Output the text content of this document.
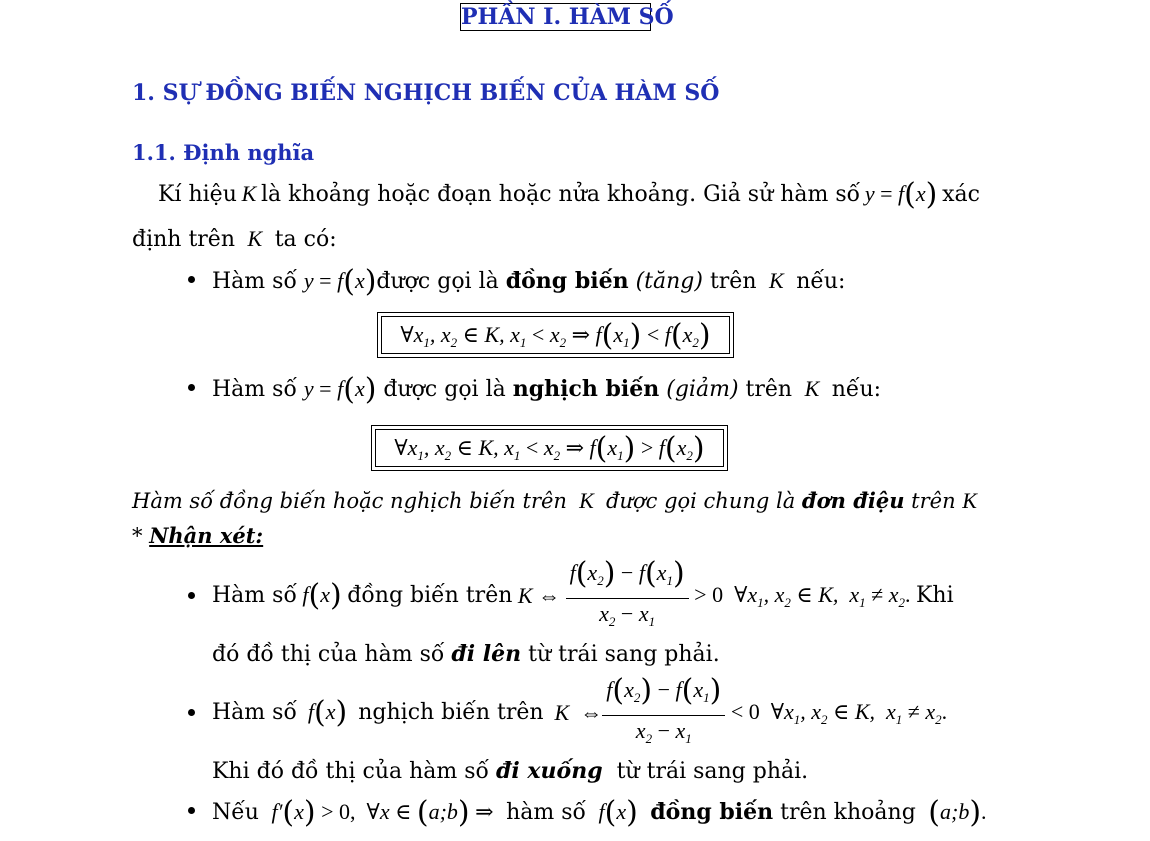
PHẦN I. HÀM SỐ
1. SỰ ĐỒNG BIẾN NGHỊCH BIẾN CỦA HÀM SỐ
1.1. Định nghĩa
Kí hiệu K là khoảng hoặc đoạn hoặc nửa khoảng. Giả sử hàm số y = f(x) xác
định trên  K  ta có:
Hàm số y = f(x)được gọi là đồng biến (tăng) trên  K  nếu:
$\forall x_1$, $x_2$ ∈ K, $x_1 < x_2$ ⇒ $f(x_1) < f(x_2)$
Hàm số y = f(x) được gọi là nghịch biến (giảm) trên  K  nếu:
$\forall x_1$, $x_2$ ∈ K, $x_1 < x_2$ ⇒ $f(x_1) > f(x_2)$
Hàm số đồng biến hoặc nghịch biến trên  K  được gọi chung là đơn điệu trên K
* Nhận xét:
Hàm số f(x) đồng biến trên K ⇔ $\frac{f(x_2) - f(x_1)}{x_2 - x_1} > 0$ $\forall x_1$, $x_2$ ∈ K,  $x_1 \ne x_2$. Khi
đó đồ thị của hàm số đi lên từ trái sang phải.
Hàm số f(x) nghịch biến trên K  ⇔ $\frac{f(x_2) - f(x_1)}{x_2 - x_1} < 0$ $\forall x_1$, $x_2$ ∈ K,  $x_1 \ne x_2$.
Khi đó đồ thị của hàm số đi xuống từ trái sang phải.
Nếu  f′(x) > 0, ∀x ∈ (a;b) ⇒ hàm số  f(x) đồng biến trên khoảng (a;b).
